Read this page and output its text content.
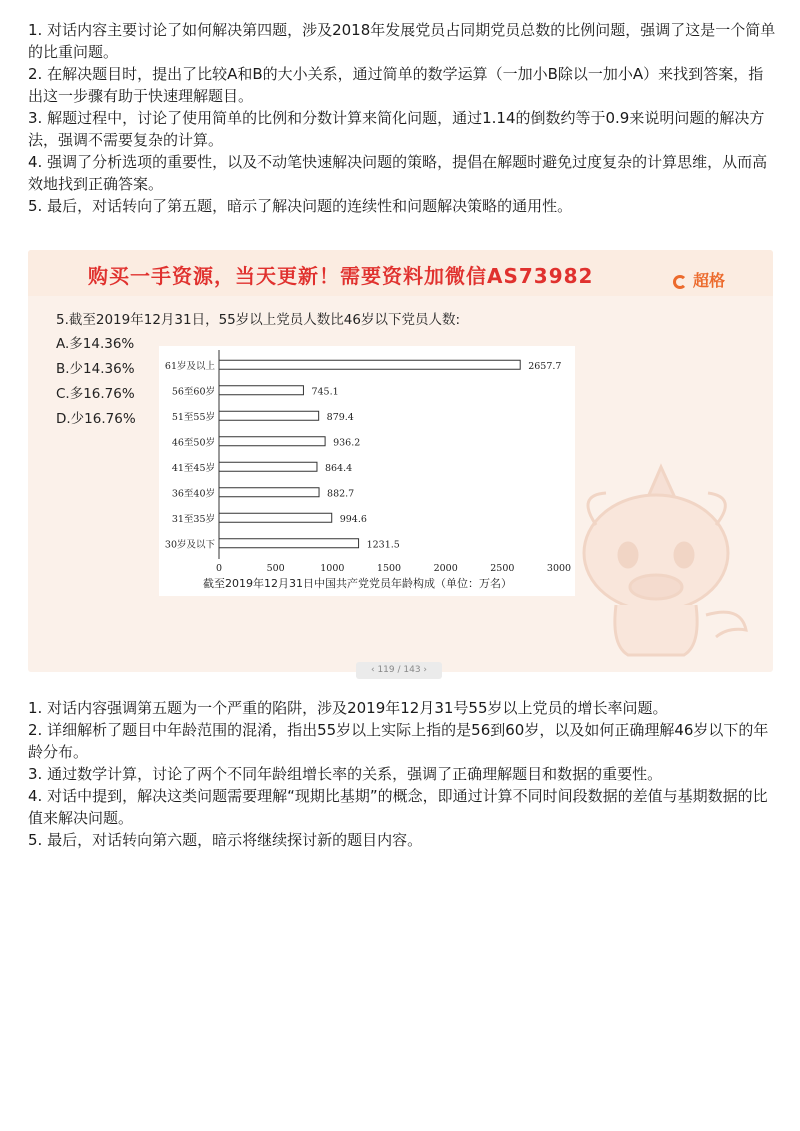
1. 对话内容主要讨论了如何解决第四题，涉及2018年发展党员占同期党员总数的比例问题，强调了这是一个简单的比重问题。

2. 在解决题目时，提出了比较A和B的大小关系，通过简单的数学运算（一加小B除以一加小A）来找到答案，指出这一步骤有助于快速理解题目。

3. 解题过程中，讨论了使用简单的比例和分数计算来简化问题，通过1.14的倒数约等于0.9来说明问题的解决方法，强调不需要复杂的计算。

4. 强调了分析选项的重要性，以及不动笔快速解决问题的策略，提倡在解题时避免过度复杂的计算思维，从而高效地找到正确答案。

5. 最后，对话转向了第五题，暗示了解决问题的连续性和问题解决策略的通用性。

购买一手资源，当天更新！需要资料加微信AS73982	超格
5.截至2019年12月31日，55岁以上党员人数比46岁以下党员人数:
A.多14.36%
B.少14.36%
C.多16.76%
D.少16.76%
61岁及以上	2657.7
56至60岁	745.1
51至55岁	879.4
46至50岁	936.2
41至45岁	864.4
36至40岁	882.7
31至35岁	994.6
30岁及以下	1231.5
0	500	1000	1500	2000	2500	3000
截至2019年12月31日中国共产党党员年龄构成（单位：万名）
‹ 119 / 143 ›

1. 对话内容强调第五题为一个严重的陷阱，涉及2019年12月31号55岁以上党员的增长率问题。

2. 详细解析了题目中年龄范围的混淆，指出55岁以上实际上指的是56到60岁，以及如何正确理解46岁以下的年龄分布。

3. 通过数学计算，讨论了两个不同年龄组增长率的关系，强调了正确理解题目和数据的重要性。

4. 对话中提到，解决这类问题需要理解“现期比基期”的概念，即通过计算不同时间段数据的差值与基期数据的比值来解决问题。

5. 最后，对话转向第六题，暗示将继续探讨新的题目内容。
